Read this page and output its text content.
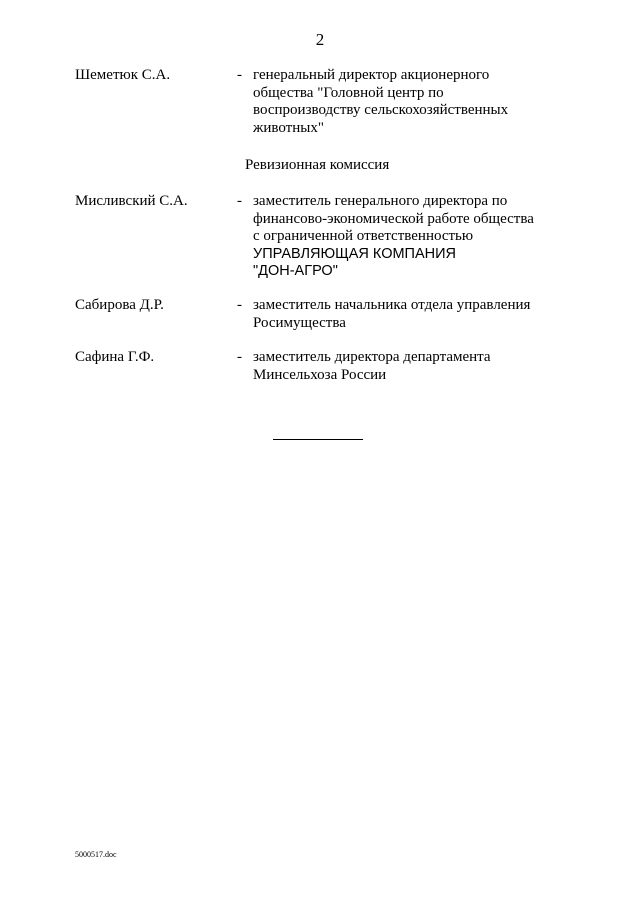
2
Шеметюк С.А.	- генеральный директор акционерного
общества "Головной центр по
воспроизводству сельскохозяйственных
животных"
Ревизионная комиссия
Мисливский С.А.	- заместитель генерального директора по
финансово-экономической работе общества
с ограниченной ответственностью
УПРАВЛЯЮЩАЯ КОМПАНИЯ
"ДОН-АГРО"
Сабирова Д.Р.	- заместитель начальника отдела управления
Росимущества
Сафина Г.Ф.	- заместитель директора департамента
Минсельхоза России
5000517.doc
